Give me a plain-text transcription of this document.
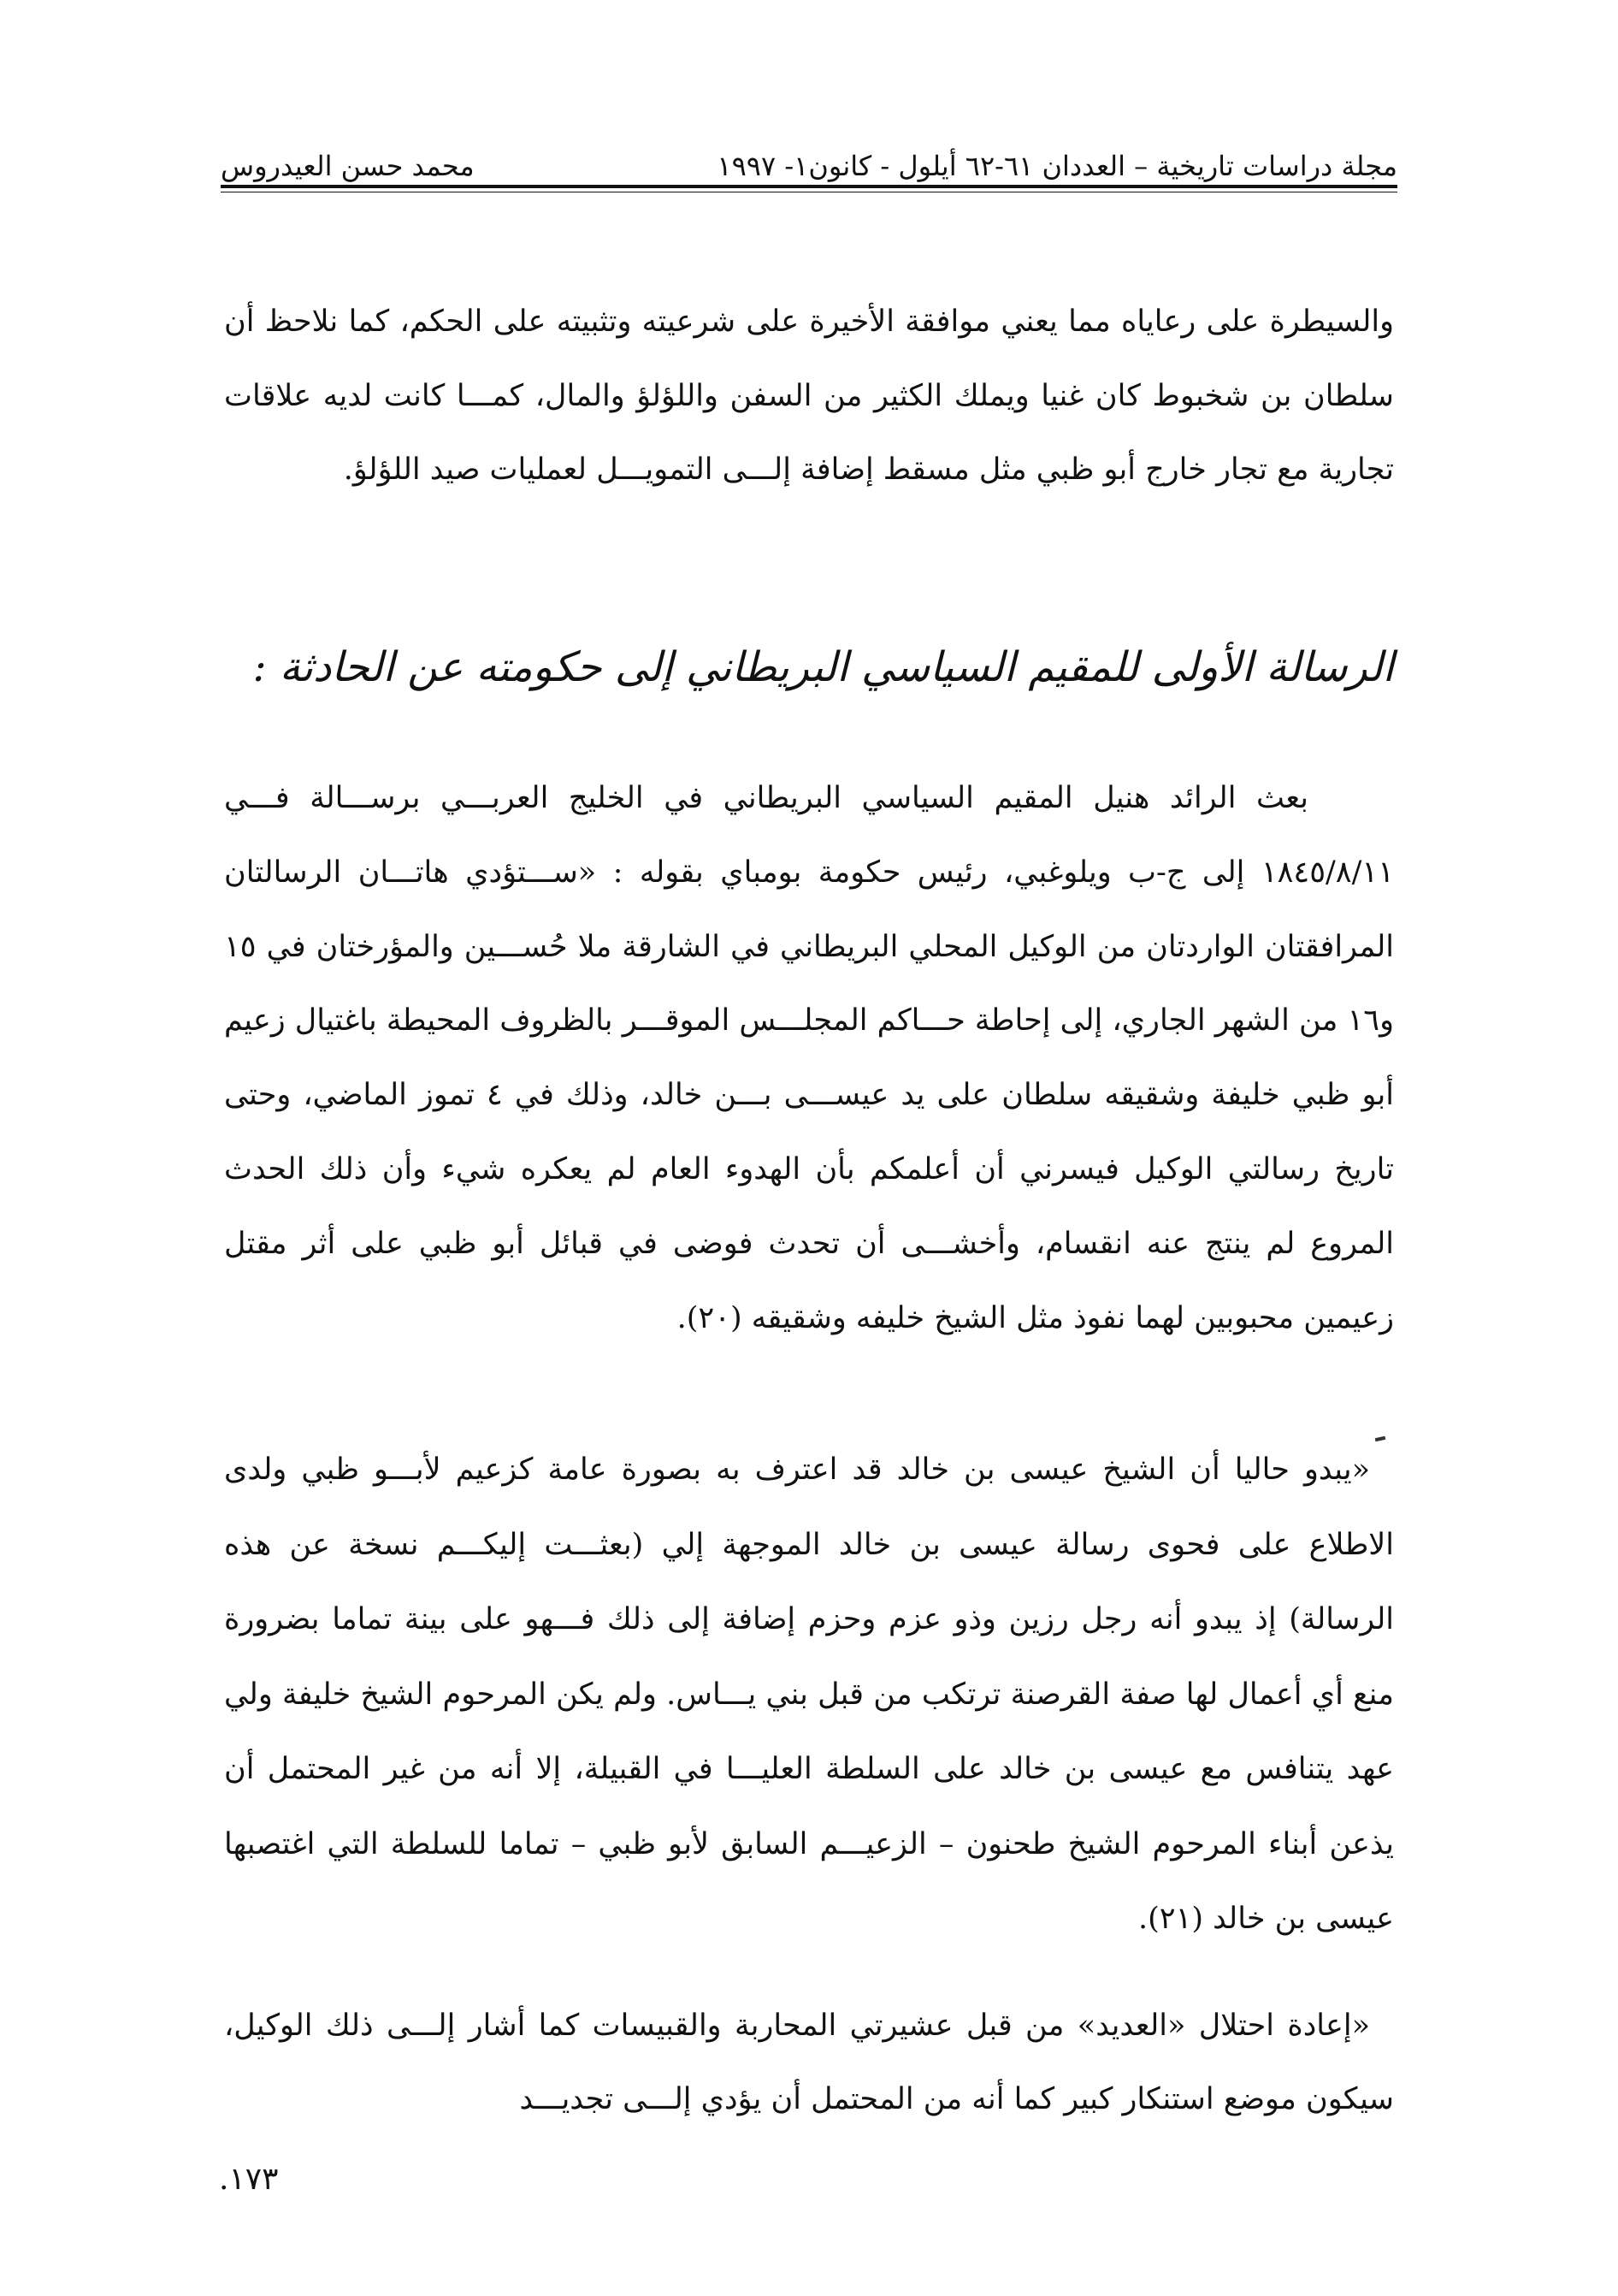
مجلة دراسات تاريخية – العددان ٦١-٦٢ أيلول - كانون١- ١٩٩٧
محمد حسن العيدروس

والسيطرة على رعاياه مما يعني موافقة الأخيرة على شرعيته وتثبيته على الحكم، كما نلاحظ أن سلطان بن شخبوط كان غنيا ويملك الكثير من السفن واللؤلؤ والمال، كمـــا كانت لديه علاقات تجارية مع تجار خارج أبو ظبي مثل مسقط إضافة إلـــى التمويـــل لعمليات صيد اللؤلؤ.

الرسالة الأولى للمقيم السياسي البريطاني إلى حكومته عن الحادثة :

بعث الرائد هنيل المقيم السياسي البريطاني في الخليج العربـــي برســـالة فـــي ١٨٤٥/٨/١١ إلى ج-ب ويلوغبي، رئيس حكومة بومباي بقوله : «ســـتؤدي هاتـــان الرسالتان المرافقتان الواردتان من الوكيل المحلي البريطاني في الشارقة ملا حُســـين والمؤرختان في ١٥ و١٦ من الشهر الجاري، إلى إحاطة حـــاكم المجلـــس الموقـــر بالظروف المحيطة باغتيال زعيم أبو ظبي خليفة وشقيقه سلطان على يد عيســـى بـــن خالد، وذلك في ٤ تموز الماضي، وحتى تاريخ رسالتي الوكيل فيسرني أن أعلمكم بأن الهدوء العام لم يعكره شيء وأن ذلك الحدث المروع لم ينتج عنه انقسام، وأخشـــى أن تحدث فوضى في قبائل أبو ظبي على أثر مقتل زعيمين محبوبين لهما نفوذ مثل الشيخ خليفه وشقيقه (٢٠).

«يبدو حاليا أن الشيخ عيسى بن خالد قد اعترف به بصورة عامة كزعيم لأبـــو ظبي ولدى الاطلاع على فحوى رسالة عيسى بن خالد الموجهة إلي (بعثـــت إليكـــم نسخة عن هذه الرسالة) إذ يبدو أنه رجل رزين وذو عزم وحزم إضافة إلى ذلك فـــهو على بينة تماما بضرورة منع أي أعمال لها صفة القرصنة ترتكب من قبل بني يـــاس. ولم يكن المرحوم الشيخ خليفة ولي عهد يتنافس مع عيسى بن خالد على السلطة العليـــا في القبيلة، إلا أنه من غير المحتمل أن يذعن أبناء المرحوم الشيخ طحنون – الزعيـــم السابق لأبو ظبي – تماما للسلطة التي اغتصبها عيسى بن خالد (٢١).

«إعادة احتلال «العديد» من قبل عشيرتي المحاربة والقبيسات كما أشار إلـــى ذلك الوكيل، سيكون موضع استنكار كبير كما أنه من المحتمل أن يؤدي إلـــى تجديـــد

١٧٣.
